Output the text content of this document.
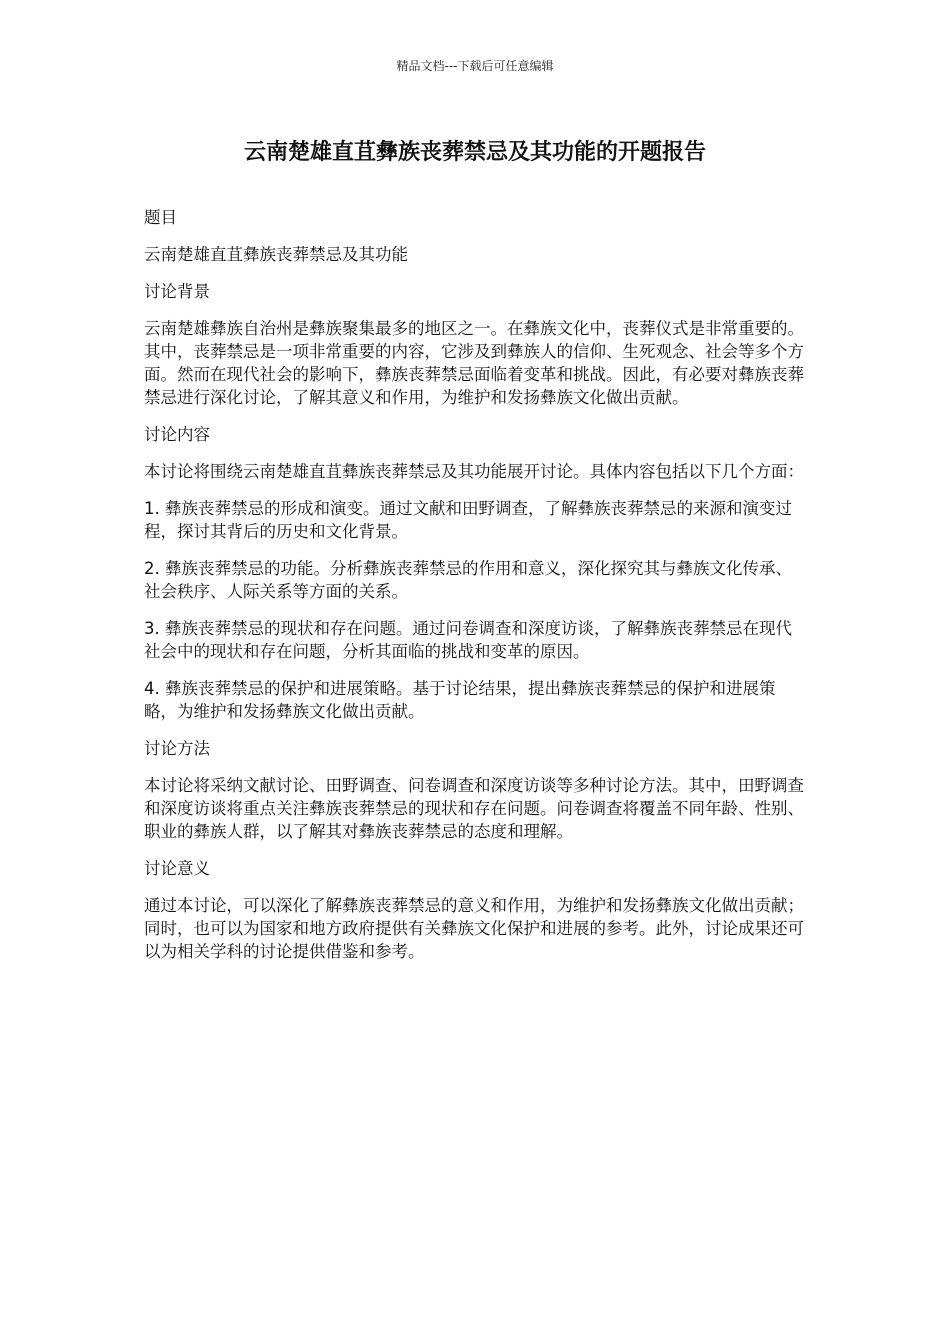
精品文档---下载后可任意编辑
云南楚雄直苴彝族丧葬禁忌及其功能的开题报告

题目

云南楚雄直苴彝族丧葬禁忌及其功能

讨论背景

云南楚雄彝族自治州是彝族聚集最多的地区之一。在彝族文化中，丧葬仪式是非常重要的。其中，丧葬禁忌是一项非常重要的内容，它涉及到彝族人的信仰、生死观念、社会等多个方面。然而在现代社会的影响下，彝族丧葬禁忌面临着变革和挑战。因此，有必要对彝族丧葬禁忌进行深化讨论，了解其意义和作用，为维护和发扬彝族文化做出贡献。

讨论内容

本讨论将围绕云南楚雄直苴彝族丧葬禁忌及其功能展开讨论。具体内容包括以下几个方面：

1. 彝族丧葬禁忌的形成和演变。通过文献和田野调查，了解彝族丧葬禁忌的来源和演变过程，探讨其背后的历史和文化背景。

2. 彝族丧葬禁忌的功能。分析彝族丧葬禁忌的作用和意义，深化探究其与彝族文化传承、社会秩序、人际关系等方面的关系。

3. 彝族丧葬禁忌的现状和存在问题。通过问卷调查和深度访谈，了解彝族丧葬禁忌在现代社会中的现状和存在问题，分析其面临的挑战和变革的原因。

4. 彝族丧葬禁忌的保护和进展策略。基于讨论结果，提出彝族丧葬禁忌的保护和进展策略，为维护和发扬彝族文化做出贡献。

讨论方法

本讨论将采纳文献讨论、田野调查、问卷调查和深度访谈等多种讨论方法。其中，田野调查和深度访谈将重点关注彝族丧葬禁忌的现状和存在问题。问卷调查将覆盖不同年龄、性别、职业的彝族人群，以了解其对彝族丧葬禁忌的态度和理解。

讨论意义

通过本讨论，可以深化了解彝族丧葬禁忌的意义和作用，为维护和发扬彝族文化做出贡献；同时，也可以为国家和地方政府提供有关彝族文化保护和进展的参考。此外，讨论成果还可以为相关学科的讨论提供借鉴和参考。
